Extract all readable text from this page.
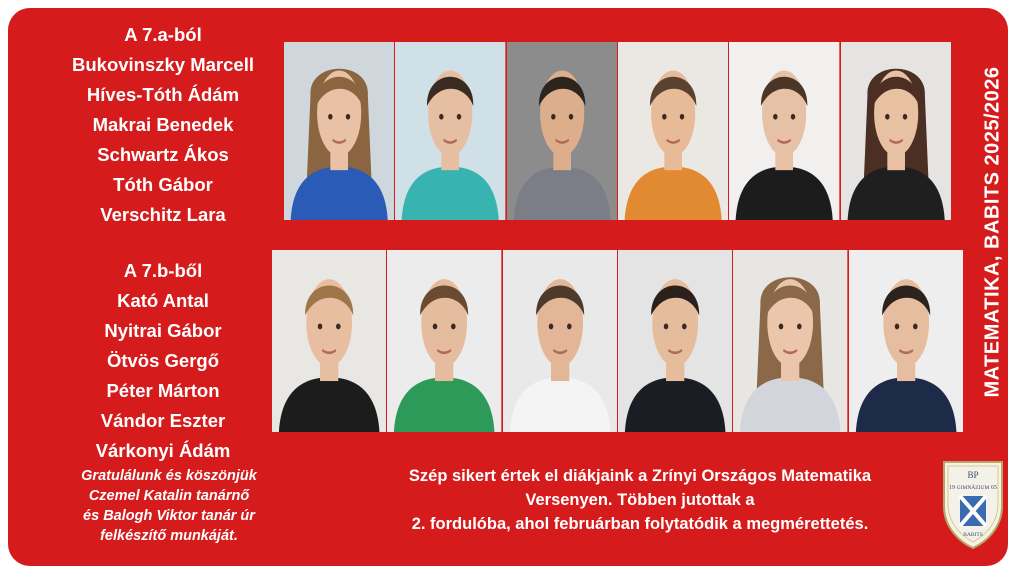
A 7.a-ból
Bukovinszky Marcell
Híves-Tóth Ádám
Makrai Benedek
Schwartz Ákos
Tóth Gábor
Verschitz Lara
A 7.b-ből
Kató Antal
Nyitrai Gábor
Ötvös Gergő
Péter Márton
Vándor Eszter
Várkonyi Ádám
Gratulálunk és köszönjük
Czemel Katalin tanárnő
és Balogh Viktor tanár úr
felkészítő munkáját.
Szép sikert értek el diákjaink a Zrínyi Országos Matematika
Versenyen. Többen jutottak a
2. fordulóba, ahol februárban folytatódik a megmérettetés.
MATEMATIKA, BABITS 2025/2026
BP
GIMNÁZIUM
19	65
BABITS
